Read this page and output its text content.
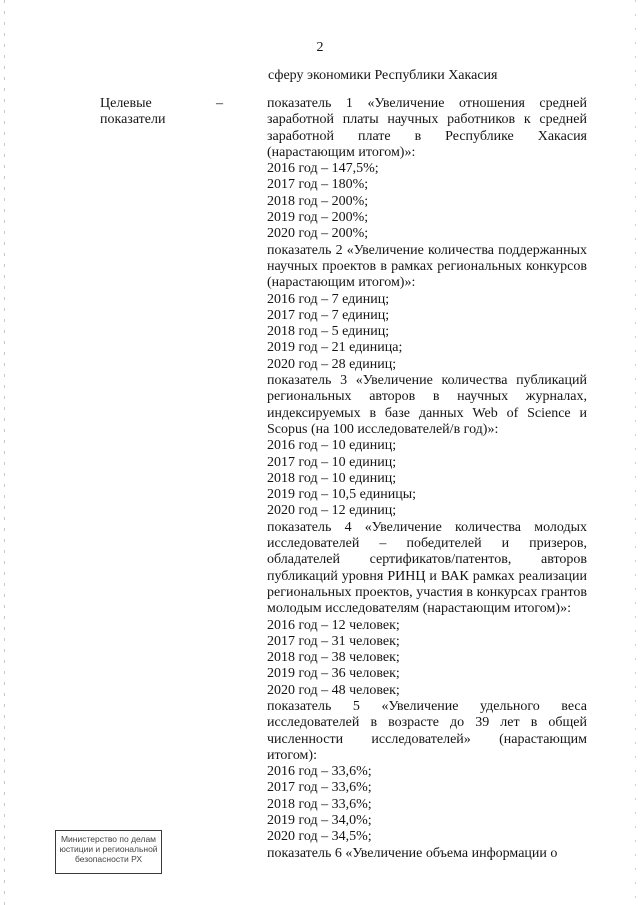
2
сферу экономики Республики Хакасия
Целевые
показатели
–	показатель 1 «Увеличение отношения средней заработной платы научных работников к средней заработной плате в Республике Хакасия (нарастающим итогом)»:

2016 год – 147,5%;
2017 год – 180%;
2018 год – 200%;
2019 год – 200%;
2020 год – 200%;

показатель 2 «Увеличение количества поддержанных научных проектов в рамках региональных конкурсов (нарастающим итогом)»:

2016 год – 7 единиц;
2017 год – 7 единиц;
2018 год – 5 единиц;
2019 год – 21 единица;
2020 год – 28 единиц;

показатель 3 «Увеличение количества публикаций региональных авторов в научных журналах, индексируемых в базе данных Web of Science и Scopus (на 100 исследователей/в год)»:

2016 год – 10 единиц;
2017 год – 10 единиц;
2018 год – 10 единиц;
2019 год – 10,5 единицы;
2020 год – 12 единиц;

показатель 4 «Увеличение количества молодых исследователей – победителей и призеров, обладателей сертификатов/патентов, авторов публикаций уровня РИНЦ и ВАК рамках реализации региональных проектов, участия в конкурсах грантов молодым исследователям (нарастающим итогом)»:

2016 год – 12 человек;
2017 год – 31 человек;
2018 год – 38 человек;
2019 год – 36 человек;
2020 год – 48 человек;

показатель 5 «Увеличение удельного веса исследователей в возрасте до 39 лет в общей численности исследователей» (нарастающим итогом):

2016 год – 33,6%;
2017 год – 33,6%;
2018 год – 33,6%;
2019 год – 34,0%;
2020 год – 34,5%;

показатель 6 «Увеличение объема информации о

Министерство по делам
юстиции и региональной
безопасности РХ
